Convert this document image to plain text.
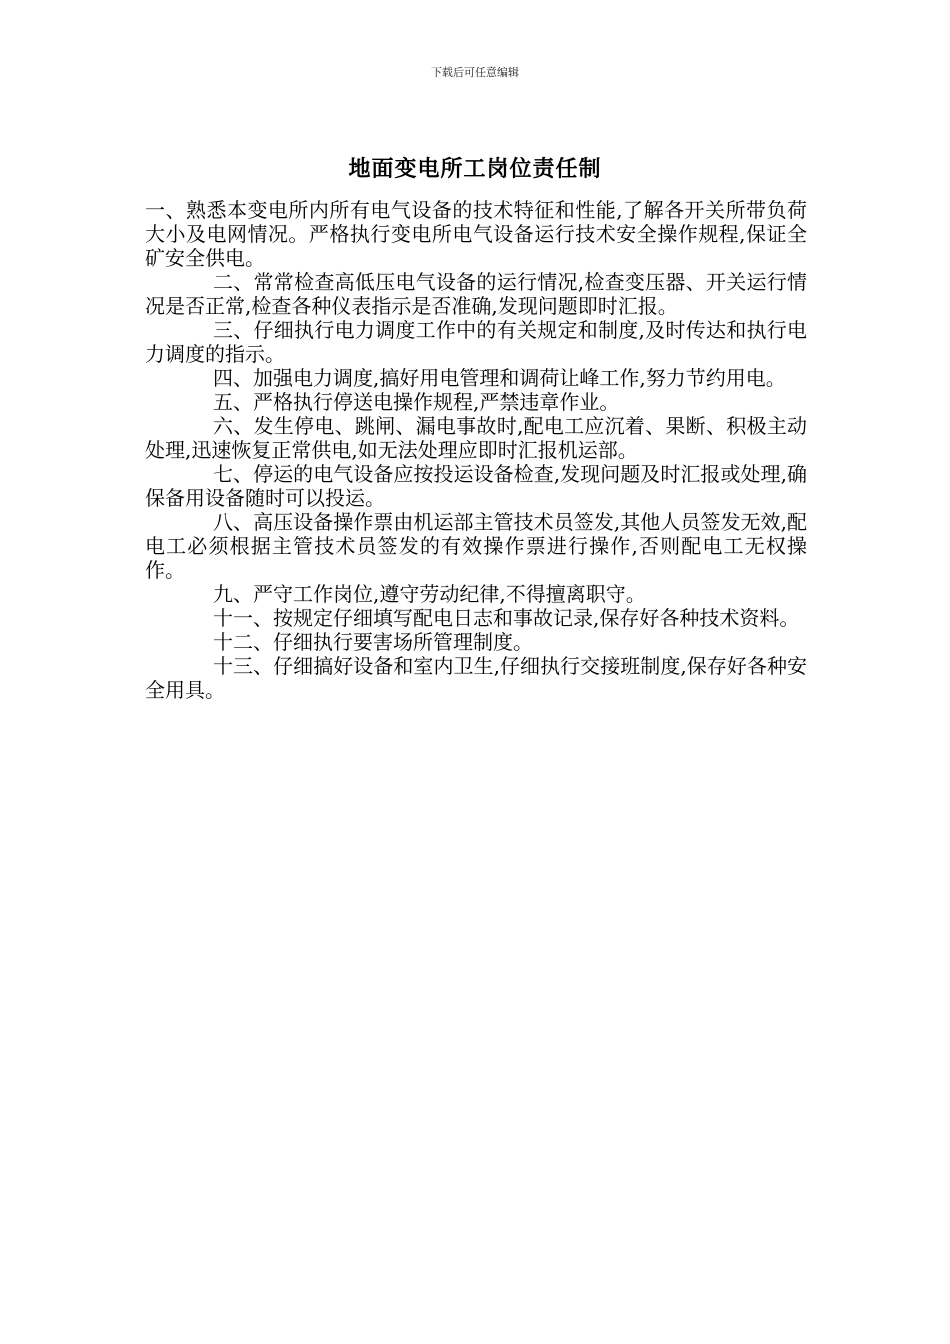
下载后可任意编辑
地面变电所工岗位责任制

一、熟悉本变电所内所有电气设备的技术特征和性能,了解各开关所带负荷大小及电网情况。严格执行变电所电气设备运行技术安全操作规程,保证全矿安全供电。

二、常常检查高低压电气设备的运行情况,检查变压器、开关运行情况是否正常,检查各种仪表指示是否准确,发现问题即时汇报。

三、仔细执行电力调度工作中的有关规定和制度,及时传达和执行电力调度的指示。

四、加强电力调度,搞好用电管理和调荷让峰工作,努力节约用电。

五、严格执行停送电操作规程,严禁违章作业。

六、发生停电、跳闸、漏电事故时,配电工应沉着、果断、积极主动处理,迅速恢复正常供电,如无法处理应即时汇报机运部。

七、停运的电气设备应按投运设备检查,发现问题及时汇报或处理,确保备用设备随时可以投运。

八、高压设备操作票由机运部主管技术员签发,其他人员签发无效,配电工必须根据主管技术员签发的有效操作票进行操作,否则配电工无权操作。

九、严守工作岗位,遵守劳动纪律,不得擅离职守。

十一、按规定仔细填写配电日志和事故记录,保存好各种技术资料。

十二、仔细执行要害场所管理制度。

十三、仔细搞好设备和室内卫生,仔细执行交接班制度,保存好各种安全用具。
